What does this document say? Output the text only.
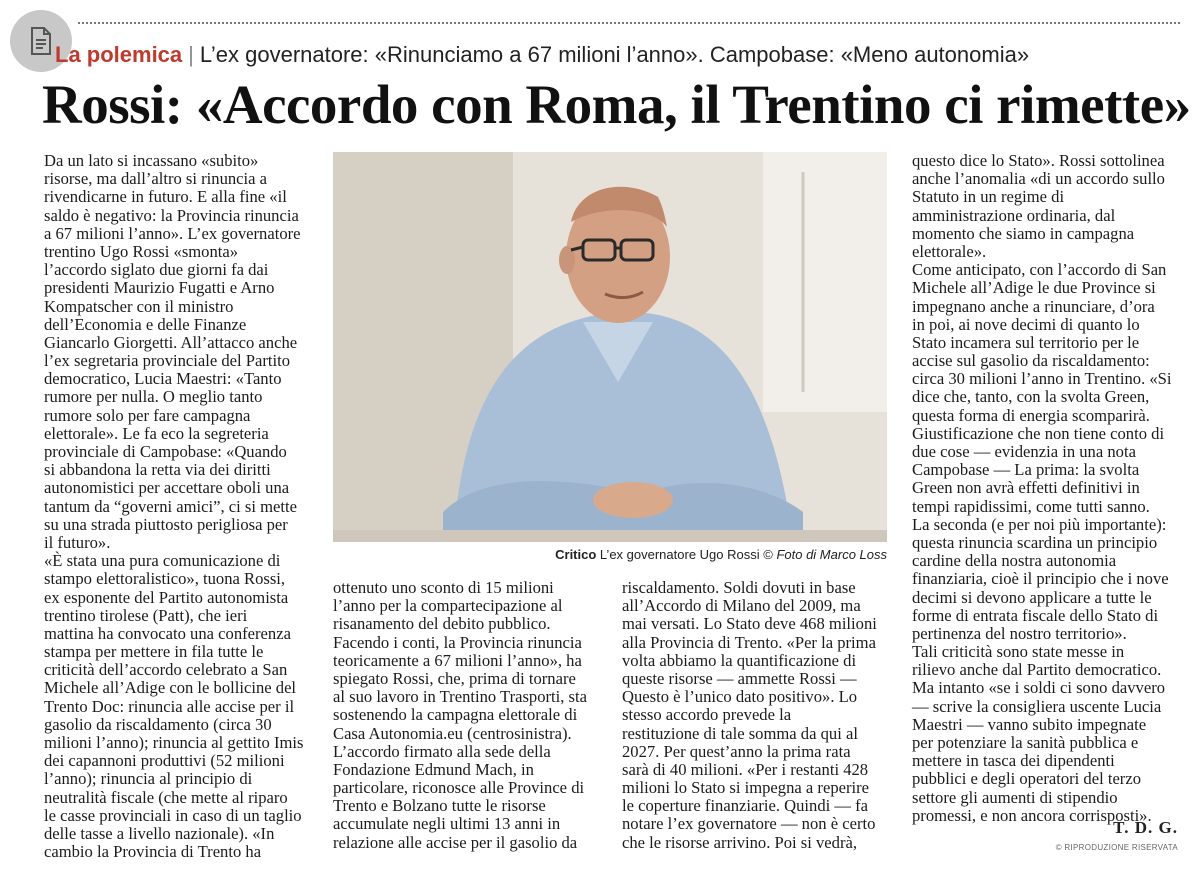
La polemica | L’ex governatore: «Rinunciamo a 67 milioni l’anno». Campobase: «Meno autonomia»
Rossi: «Accordo con Roma, il Trentino ci rimette»
Da un lato si incassano «subito»
risorse, ma dall’altro si rinuncia a
rivendicarne in futuro. E alla fine «il
saldo è negativo: la Provincia rinuncia
a 67 milioni l’anno». L’ex governatore
trentino Ugo Rossi «smonta»
l’accordo siglato due giorni fa dai
presidenti Maurizio Fugatti e Arno
Kompatscher con il ministro
dell’Economia e delle Finanze
Giancarlo Giorgetti. All’attacco anche
l’ex segretaria provinciale del Partito
democratico, Lucia Maestri: «Tanto
rumore per nulla. O meglio tanto
rumore solo per fare campagna
elettorale». Le fa eco la segreteria
provinciale di Campobase: «Quando
si abbandona la retta via dei diritti
autonomistici per accettare oboli una
tantum da “governi amici”, ci si mette
su una strada piuttosto perigliosa per
il futuro».
«È stata una pura comunicazione di
stampo elettoralistico», tuona Rossi,
ex esponente del Partito autonomista
trentino tirolese (Patt), che ieri
mattina ha convocato una conferenza
stampa per mettere in fila tutte le
criticità dell’accordo celebrato a San
Michele all’Adige con le bollicine del
Trento Doc: rinuncia alle accise per il
gasolio da riscaldamento (circa 30
milioni l’anno); rinuncia al gettito Imis
dei capannoni produttivi (52 milioni
l’anno); rinuncia al principio di
neutralità fiscale (che mette al riparo
le casse provinciali in caso di un taglio
delle tasse a livello nazionale). «In
cambio la Provincia di Trento ha
ottenuto uno sconto di 15 milioni
l’anno per la compartecipazione al
risanamento del debito pubblico.
Facendo i conti, la Provincia rinuncia
teoricamente a 67 milioni l’anno», ha
spiegato Rossi, che, prima di tornare
al suo lavoro in Trentino Trasporti, sta
sostenendo la campagna elettorale di
Casa Autonomia.eu (centrosinistra).
L’accordo firmato alla sede della
Fondazione Edmund Mach, in
particolare, riconosce alle Province di
Trento e Bolzano tutte le risorse
accumulate negli ultimi 13 anni in
relazione alle accise per il gasolio da
riscaldamento. Soldi dovuti in base
all’Accordo di Milano del 2009, ma
mai versati. Lo Stato deve 468 milioni
alla Provincia di Trento. «Per la prima
volta abbiamo la quantificazione di
queste risorse — ammette Rossi —
Questo è l’unico dato positivo». Lo
stesso accordo prevede la
restituzione di tale somma da qui al
2027. Per quest’anno la prima rata
sarà di 40 milioni. «Per i restanti 428
milioni lo Stato si impegna a reperire
le coperture finanziarie. Quindi — fa
notare l’ex governatore — non è certo
che le risorse arrivino. Poi si vedrà,
questo dice lo Stato». Rossi sottolinea
anche l’anomalia «di un accordo sullo
Statuto in un regime di
amministrazione ordinaria, dal
momento che siamo in campagna
elettorale».
Come anticipato, con l’accordo di San
Michele all’Adige le due Province si
impegnano anche a rinunciare, d’ora
in poi, ai nove decimi di quanto lo
Stato incamera sul territorio per le
accise sul gasolio da riscaldamento:
circa 30 milioni l’anno in Trentino. «Si
dice che, tanto, con la svolta Green,
questa forma di energia scomparirà.
Giustificazione che non tiene conto di
due cose — evidenzia in una nota
Campobase — La prima: la svolta
Green non avrà effetti definitivi in
tempi rapidissimi, come tutti sanno.
La seconda (e per noi più importante):
questa rinuncia scardina un principio
cardine della nostra autonomia
finanziaria, cioè il principio che i nove
decimi si devono applicare a tutte le
forme di entrata fiscale dello Stato di
pertinenza del nostro territorio».
Tali criticità sono state messe in
rilievo anche dal Partito democratico.
Ma intanto «se i soldi ci sono davvero
— scrive la consigliera uscente Lucia
Maestri — vanno subito impegnate
per potenziare la sanità pubblica e
mettere in tasca dei dipendenti
pubblici e degli operatori del terzo
settore gli aumenti di stipendio
promessi, e non ancora corrisposti».
Critico L’ex governatore Ugo Rossi © Foto di Marco Loss
T. D. G.
© RIPRODUZIONE RISERVATA
